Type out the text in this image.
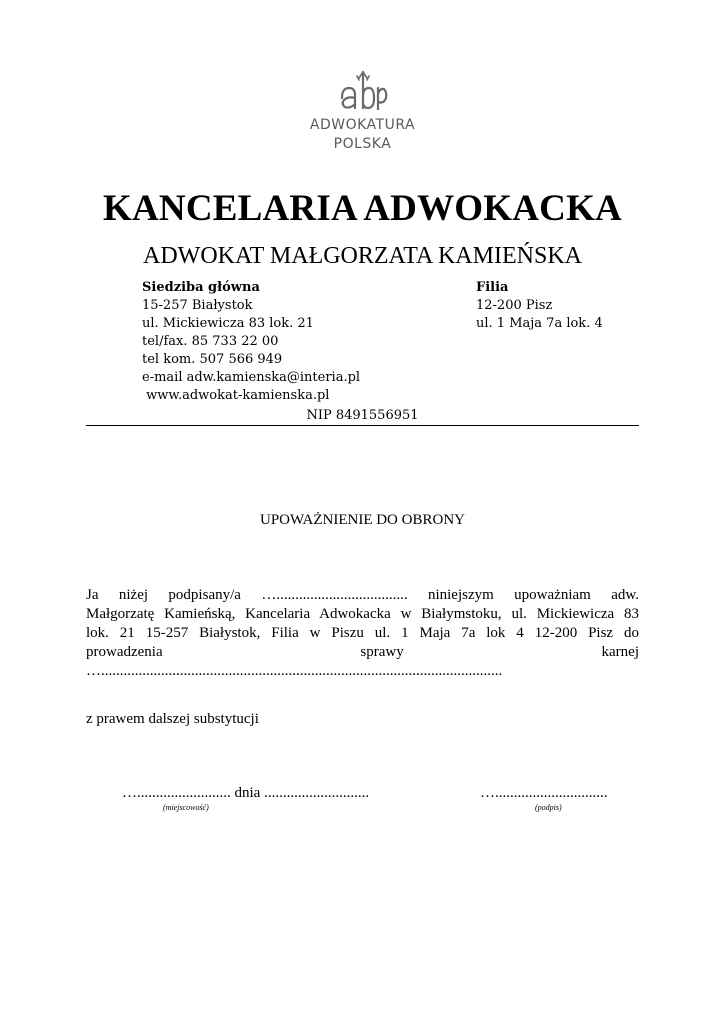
ADWOKATURA
POLSKA
KANCELARIA ADWOKACKA
ADWOKAT MAŁGORZATA KAMIEŃSKA
Siedziba główna
15-257 Białystok
ul. Mickiewicza 83 lok. 21
tel/fax. 85 733 22 00
tel kom. 507 566 949
e-mail adw.kamienska@interia.pl
www.adwokat-kamienska.pl
Filia
12-200 Pisz
ul. 1 Maja 7a lok. 4
NIP 8491556951
UPOWAŻNIENIE DO OBRONY
Ja niżej podpisany/a …................................... niniejszym upoważniam adw.
Małgorzatę Kamieńską, Kancelaria Adwokacka w Białymstoku, ul. Mickiewicza 83
lok. 21 15-257 Białystok, Filia w Piszu ul. 1 Maja 7a lok 4 12-200 Pisz do
prowadzenia sprawy karnej
…...........................................................................................................
z prawem dalszej substytucji
…......................... dnia ............................	…..............................
(miejscowość)	(podpis)
